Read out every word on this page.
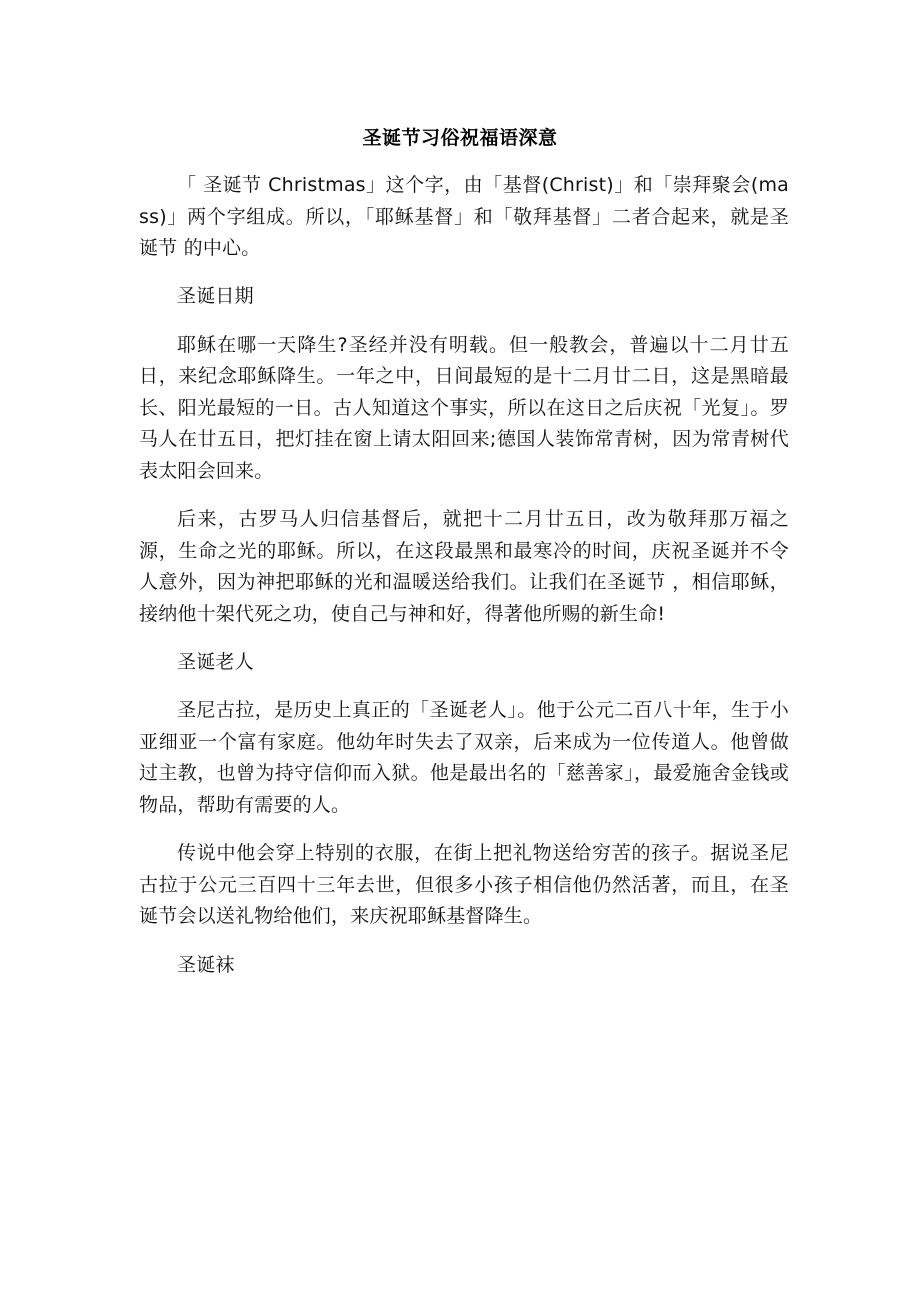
圣诞节习俗祝福语深意

「 圣诞节 Christmas」这个字，由「基督(Christ)」和「崇拜聚会(mass)」两个字组成。所以，「耶稣基督」和「敬拜基督」二者合起来，就是圣诞节 的中心。

圣诞日期

耶稣在哪一天降生?圣经并没有明载。但一般教会，普遍以十二月廿五日，来纪念耶稣降生。一年之中，日间最短的是十二月廿二日，这是黑暗最长、阳光最短的一日。古人知道这个事实，所以在这日之后庆祝「光复」。罗马人在廿五日，把灯挂在窗上请太阳回来;德国人装饰常青树，因为常青树代表太阳会回来。

后来，古罗马人归信基督后，就把十二月廿五日，改为敬拜那万福之源，生命之光的耶稣。所以，在这段最黑和最寒冷的时间，庆祝圣诞并不令人意外，因为神把耶稣的光和温暖送给我们。让我们在圣诞节 ，相信耶稣，接纳他十架代死之功，使自己与神和好，得著他所赐的新生命!

圣诞老人

圣尼古拉，是历史上真正的「圣诞老人」。他于公元二百八十年，生于小亚细亚一个富有家庭。他幼年时失去了双亲，后来成为一位传道人。他曾做过主教，也曾为持守信仰而入狱。他是最出名的「慈善家」，最爱施舍金钱或物品，帮助有需要的人。

传说中他会穿上特别的衣服，在街上把礼物送给穷苦的孩子。据说圣尼古拉于公元三百四十三年去世，但很多小孩子相信他仍然活著，而且，在圣诞节会以送礼物给他们，来庆祝耶稣基督降生。

圣诞袜
